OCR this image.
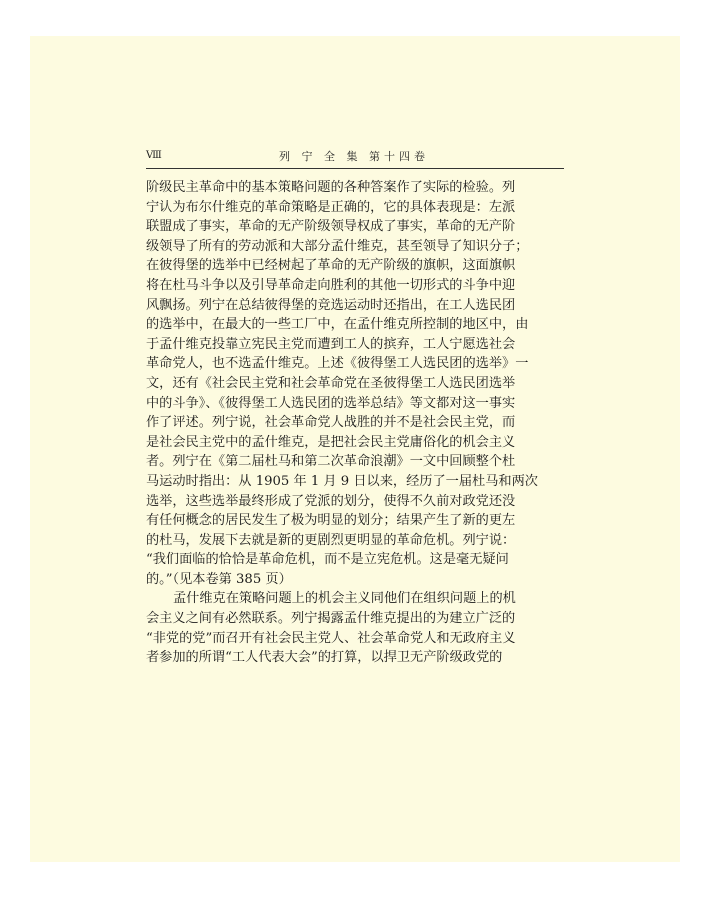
Ⅷ	列 宁 全 集 第十四卷
阶级民主革命中的基本策略问题的各种答案作了实际的检验。列
宁认为布尔什维克的革命策略是正确的，它的具体表现是：左派
联盟成了事实，革命的无产阶级领导权成了事实，革命的无产阶
级领导了所有的劳动派和大部分孟什维克，甚至领导了知识分子；
在彼得堡的选举中已经树起了革命的无产阶级的旗帜，这面旗帜
将在杜马斗争以及引导革命走向胜利的其他一切形式的斗争中迎
风飘扬。列宁在总结彼得堡的竞选运动时还指出，在工人选民团
的选举中，在最大的一些工厂中，在孟什维克所控制的地区中，由
于孟什维克投靠立宪民主党而遭到工人的摈弃，工人宁愿选社会
革命党人，也不选孟什维克。上述《彼得堡工人选民团的选举》一
文，还有《社会民主党和社会革命党在圣彼得堡工人选民团选举
中的斗争》、《彼得堡工人选民团的选举总结》等文都对这一事实
作了评述。列宁说，社会革命党人战胜的并不是社会民主党，而
是社会民主党中的孟什维克，是把社会民主党庸俗化的机会主义
者。列宁在《第二届杜马和第二次革命浪潮》一文中回顾整个杜
马运动时指出：从 1905 年 1 月 9 日以来，经历了一届杜马和两次
选举，这些选举最终形成了党派的划分，使得不久前对政党还没
有任何概念的居民发生了极为明显的划分；结果产生了新的更左
的杜马，发展下去就是新的更剧烈更明显的革命危机。列宁说：
“我们面临的恰恰是革命危机，而不是立宪危机。这是毫无疑问
的。”（见本卷第 385 页）
孟什维克在策略问题上的机会主义同他们在组织问题上的机
会主义之间有必然联系。列宁揭露孟什维克提出的为建立广泛的
“非党的党”而召开有社会民主党人、社会革命党人和无政府主义
者参加的所谓“工人代表大会”的打算，以捍卫无产阶级政党的
